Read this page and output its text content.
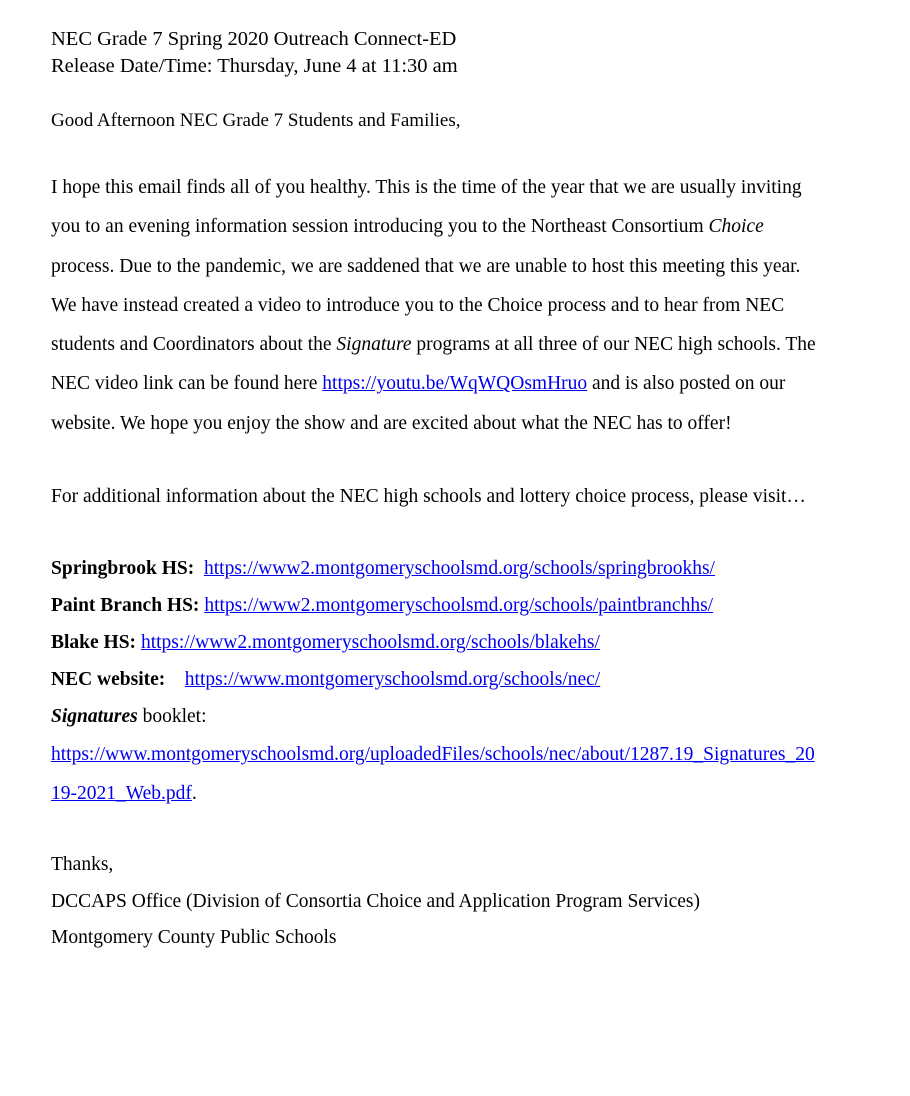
NEC Grade 7 Spring 2020 Outreach Connect-ED
Release Date/Time: Thursday, June 4 at 11:30 am
Good Afternoon NEC Grade 7 Students and Families,
I hope this email finds all of you healthy. This is the time of the year that we are usually inviting you to an evening information session introducing you to the Northeast Consortium Choice process. Due to the pandemic, we are saddened that we are unable to host this meeting this year. We have instead created a video to introduce you to the Choice process and to hear from NEC students and Coordinators about the Signature programs at all three of our NEC high schools. The NEC video link can be found here https://youtu.be/WqWQOsmHruo and is also posted on our website. We hope you enjoy the show and are excited about what the NEC has to offer!
For additional information about the NEC high schools and lottery choice process, please visit…
Springbrook HS: https://www2.montgomeryschoolsmd.org/schools/springbrookhs/
Paint Branch HS: https://www2.montgomeryschoolsmd.org/schools/paintbranchhs/
Blake HS: https://www2.montgomeryschoolsmd.org/schools/blakehs/
NEC website: https://www.montgomeryschoolsmd.org/schools/nec/
Signatures booklet:
https://www.montgomeryschoolsmd.org/uploadedFiles/schools/nec/about/1287.19_Signatures_2019-2021_Web.pdf.
Thanks,
DCCAPS Office (Division of Consortia Choice and Application Program Services)
Montgomery County Public Schools
